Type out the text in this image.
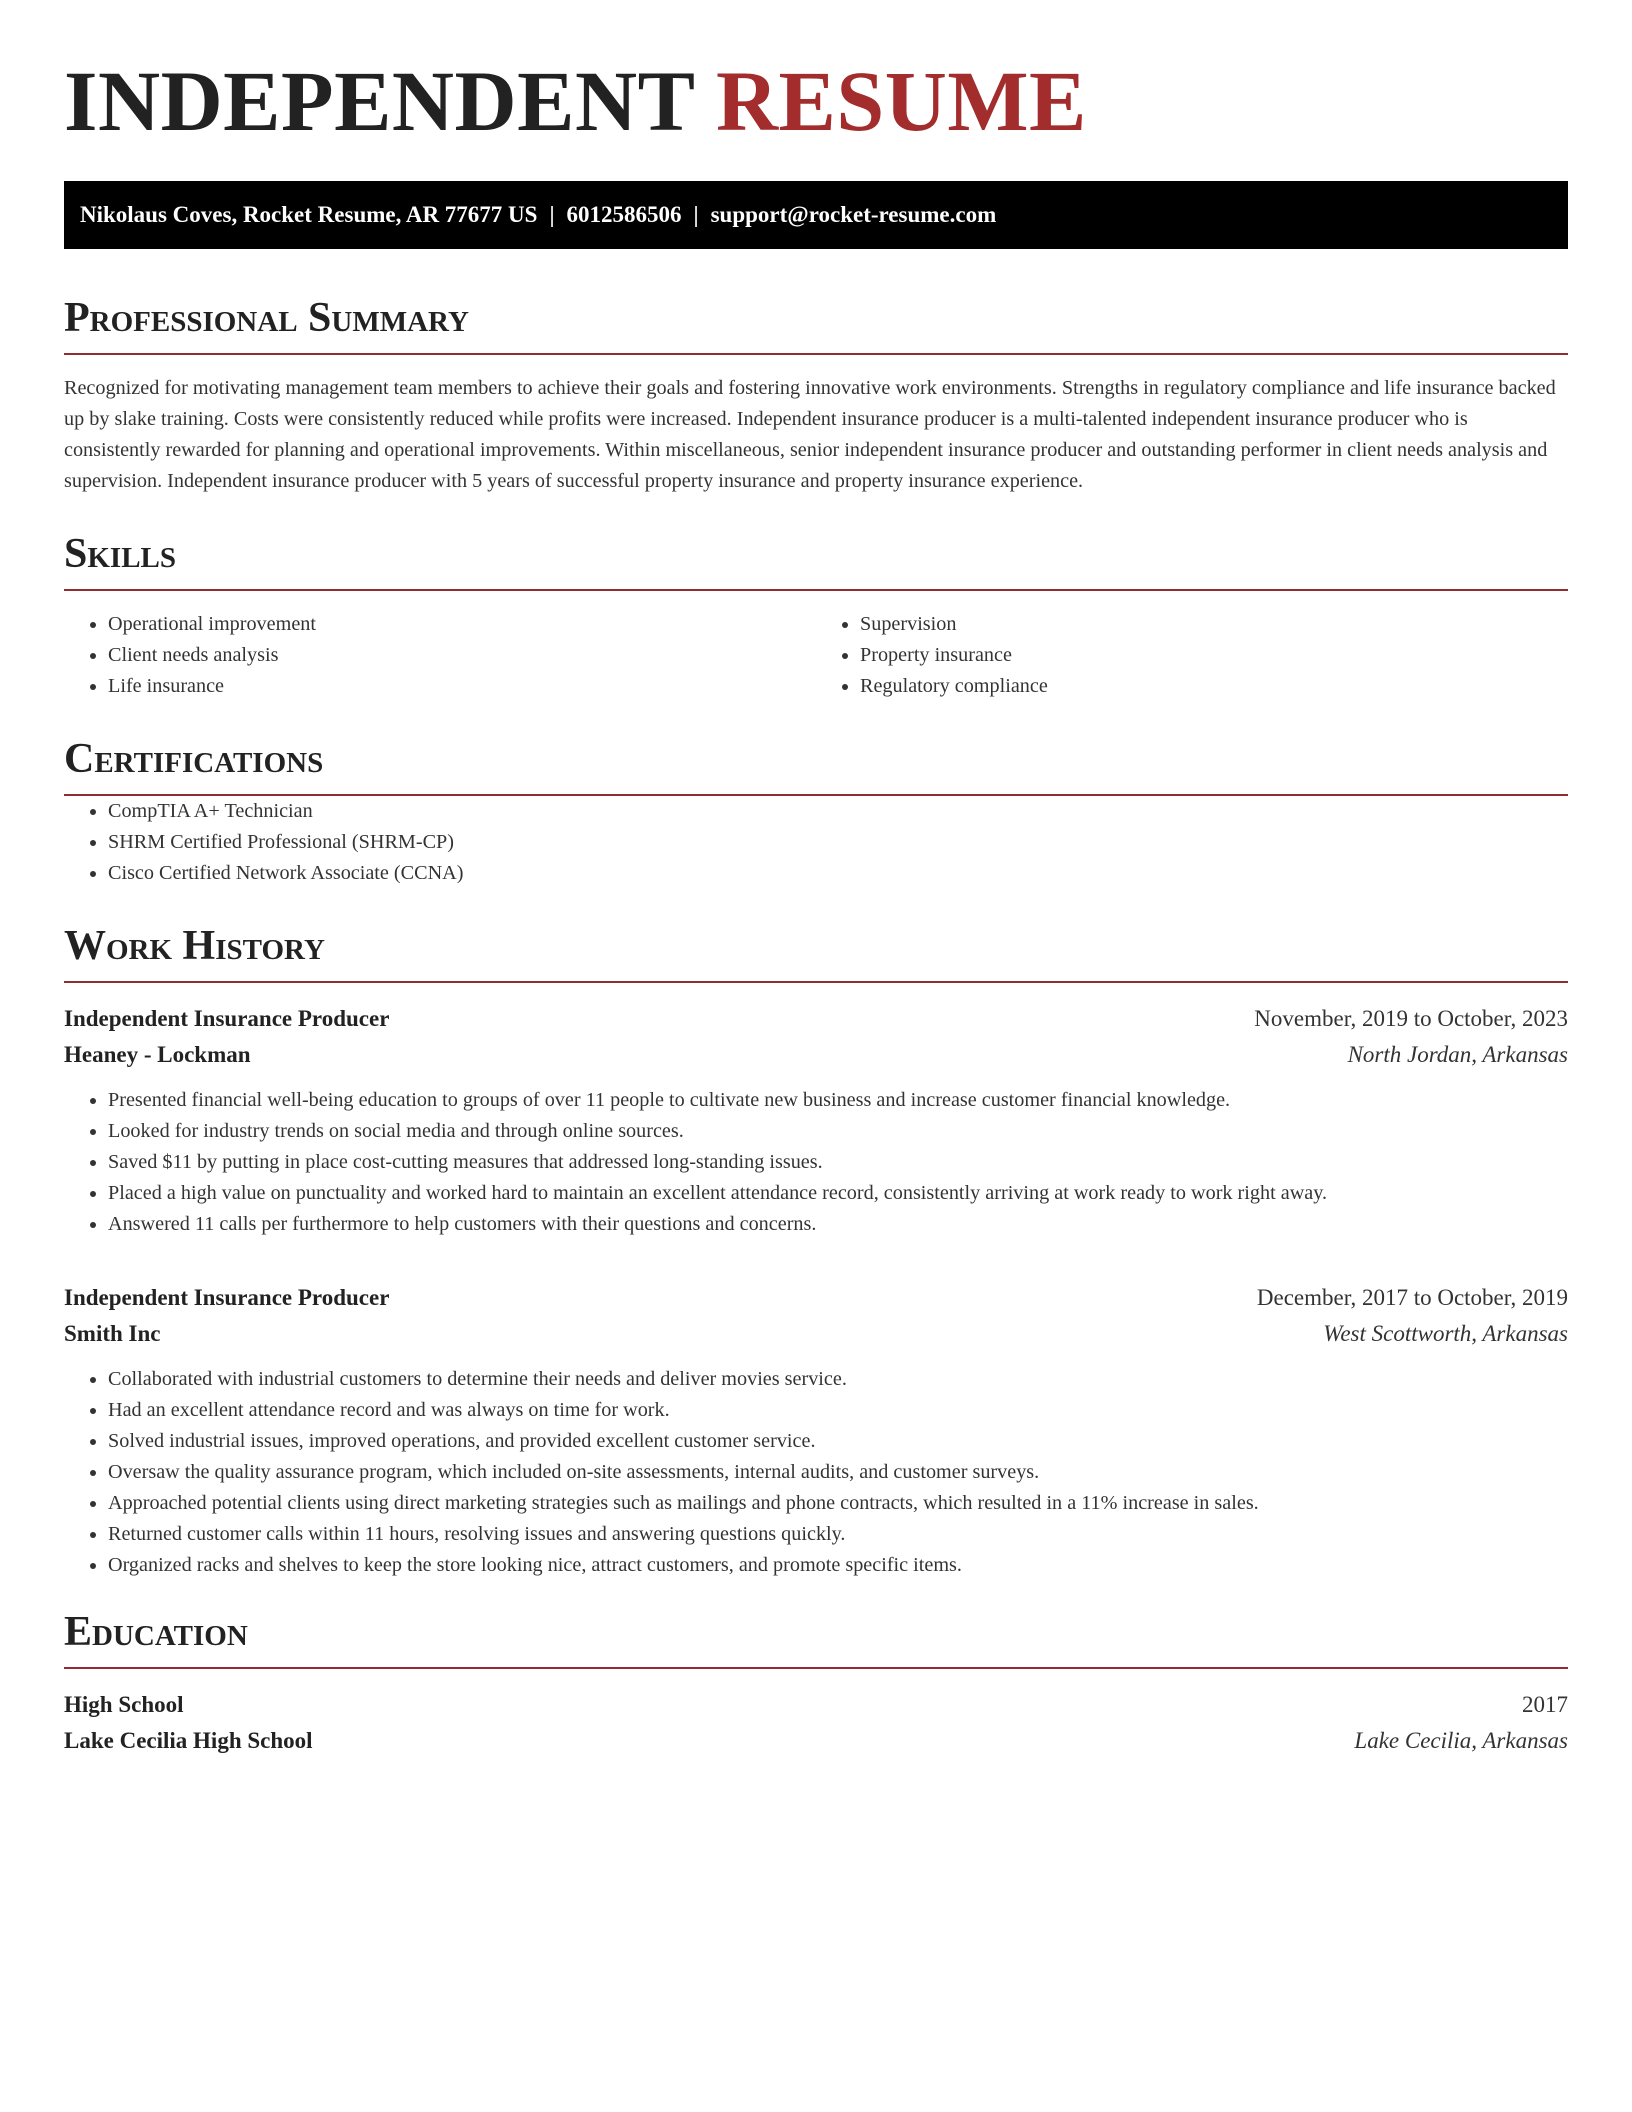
INDEPENDENT RESUME
Nikolaus Coves, Rocket Resume, AR 77677 US | 6012586506 | support@rocket-resume.com
Professional Summary

Recognized for motivating management team members to achieve their goals and fostering innovative work environments. Strengths in regulatory compliance and life insurance backed up by slake training. Costs were consistently reduced while profits were increased. Independent insurance producer is a multi-talented independent insurance producer who is consistently rewarded for planning and operational improvements. Within miscellaneous, senior independent insurance producer and outstanding performer in client needs analysis and supervision. Independent insurance producer with 5 years of successful property insurance and property insurance experience.

Skills
• Operational improvement
• Client needs analysis
• Life insurance
• Supervision
• Property insurance
• Regulatory compliance
Certifications
• CompTIA A+ Technician
• SHRM Certified Professional (SHRM-CP)
• Cisco Certified Network Associate (CCNA)
Work History
Independent Insurance Producer	November, 2019 to October, 2023
Heaney - Lockman	North Jordan, Arkansas
• Presented financial well-being education to groups of over 11 people to cultivate new business and increase customer financial knowledge.
• Looked for industry trends on social media and through online sources.
• Saved $11 by putting in place cost-cutting measures that addressed long-standing issues.
• Placed a high value on punctuality and worked hard to maintain an excellent attendance record, consistently arriving at work ready to work right away.
• Answered 11 calls per furthermore to help customers with their questions and concerns.
Independent Insurance Producer	December, 2017 to October, 2019
Smith Inc	West Scottworth, Arkansas
• Collaborated with industrial customers to determine their needs and deliver movies service.
• Had an excellent attendance record and was always on time for work.
• Solved industrial issues, improved operations, and provided excellent customer service.
• Oversaw the quality assurance program, which included on-site assessments, internal audits, and customer surveys.
• Approached potential clients using direct marketing strategies such as mailings and phone contracts, which resulted in a 11% increase in sales.
• Returned customer calls within 11 hours, resolving issues and answering questions quickly.
• Organized racks and shelves to keep the store looking nice, attract customers, and promote specific items.
Education
High School	2017
Lake Cecilia High School	Lake Cecilia, Arkansas
